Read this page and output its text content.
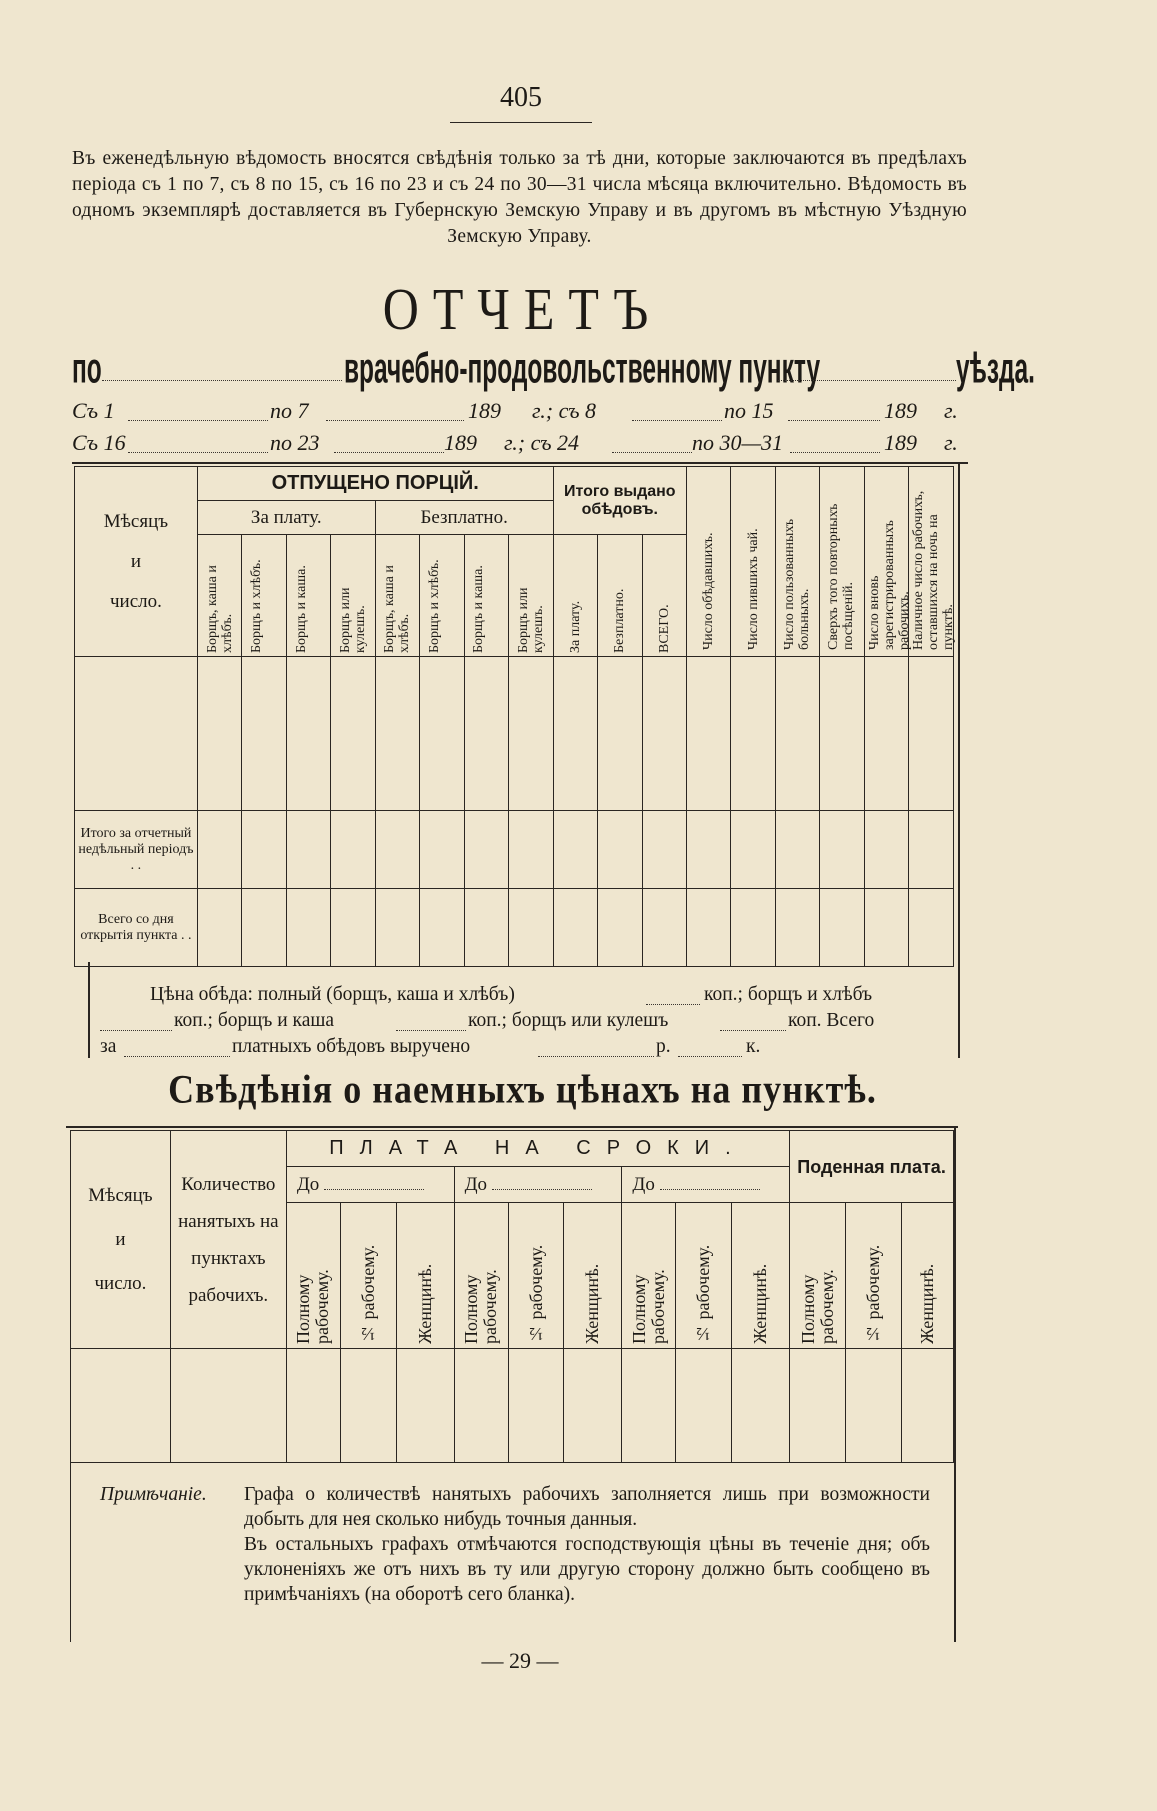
405
Въ еженедѣльную вѣдомость вносятся свѣдѣнія только за тѣ дни, которые заключаются въ предѣлахъ періода съ 1 по 7, съ 8 по 15, съ 16 по 23 и съ 24 по 30—31 числа мѣсяца включительно. Вѣдомость въ одномъ экземплярѣ доставляется въ Губернскую Земскую Управу и въ другомъ въ мѣстную Уѣздную Земскую Управу.
ОТЧЕТЪ
по	врачебно-продовольственному пункту	уѣзда.
Съ 1	по 7	189 г.; съ 8	по 15	189 г.
Съ 16	по 23	189 г.; съ 24	по 30—31	189 г.
Мѣсяцъ
и
число.	ОТПУЩЕНО ПОРЦІЙ.								Итого выдано обѣдовъ.			Число обѣдавшихъ.	Число пившихъ чай.	Число пользованныхъ больныхъ.	Сверхъ того повторныхъ посѣщеній.	Число вновь зарегистрированныхъ рабочихъ.	Наличное число рабочихъ, оставшихся на ночь на пунктѣ.

	За плату.				Безплатно.												

	Борщъ, каша и хлѣбъ.	Борщъ и хлѣбъ.	Борщъ и каша.	Борщъ или кулешъ.	Борщъ, каша и хлѣбъ.	Борщъ и хлѣбъ.	Борщъ и каша.	Борщъ или кулешъ.	За плату.	Безплатно.	ВСЕГО.						

Итого за отчетный недѣльный періодъ . .																	
Всего со дня открытія пункта . .																	
Цѣна обѣда: полный (борщъ, каша и хлѣбъ)	коп.; борщъ и хлѣбъ
коп.; борщъ и каша	коп.; борщъ или кулешъ	коп. Всего
за	платныхъ обѣдовъ выручено	р.	к.
Свѣдѣнія о наемныхъ цѣнахъ на пунктѣ.
Мѣсяцъ
и
число.	Количество нанятыхъ на пунктахъ рабочихъ.	ПЛАТА НА СРОКИ.									Поденная плата.		
		До			До			До					

		Полному рабочему.	½ рабочему.	Женщинѣ.	Полному рабочему.	½ рабочему.	Женщинѣ.	Полному рабочему.	½ рабочему.	Женщинѣ.	Полному рабочему.	½ рабочему.	Женщинѣ.

Примѣчаніе. Графа о количествѣ нанятыхъ рабочихъ заполняется лишь при возможности добыть для нея сколько нибудь точныя данныя.
Въ остальныхъ графахъ отмѣчаются господствующія цѣны въ теченіе дня; объ уклоненіяхъ же отъ нихъ въ ту или другую сторону должно быть сообщено въ примѣчаніяхъ (на оборотѣ сего бланка).
— 29 —
